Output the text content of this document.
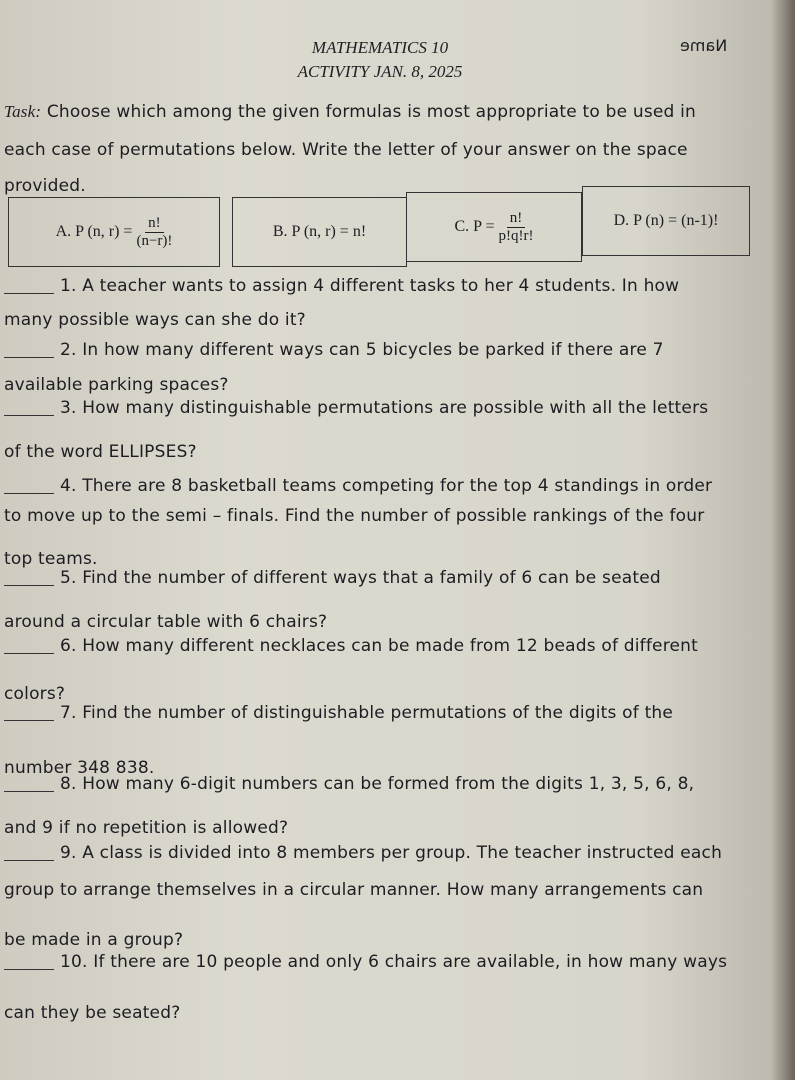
MATHEMATICS 10
ACTIVITY JAN. 8, 2025
Name
Task: Choose which among the given formulas is most appropriate to be used in
each case of permutations below. Write the letter of your answer on the space
provided.
A. P (n, $r) = \frac{n!}{(n-r)!}$	B. P (n, r) = n!	C. $P = \frac{n!}{p!q!r!}$	D. P (n) = (n-1)!
1. A teacher wants to assign 4 different tasks to her 4 students. In how
many possible ways can she do it?
2. In how many different ways can 5 bicycles be parked if there are 7
available parking spaces?
3. How many distinguishable permutations are possible with all the letters
of the word ELLIPSES?
4. There are 8 basketball teams competing for the top 4 standings in order
to move up to the semi – finals. Find the number of possible rankings of the four
top teams.
5. Find the number of different ways that a family of 6 can be seated
around a circular table with 6 chairs?
6. How many different necklaces can be made from 12 beads of different
colors?
7. Find the number of distinguishable permutations of the digits of the
number 348 838.
8. How many 6-digit numbers can be formed from the digits 1, 3, 5, 6, 8,
and 9 if no repetition is allowed?
9. A class is divided into 8 members per group. The teacher instructed each
group to arrange themselves in a circular manner. How many arrangements can
be made in a group?
10. If there are 10 people and only 6 chairs are available, in how many ways
can they be seated?
